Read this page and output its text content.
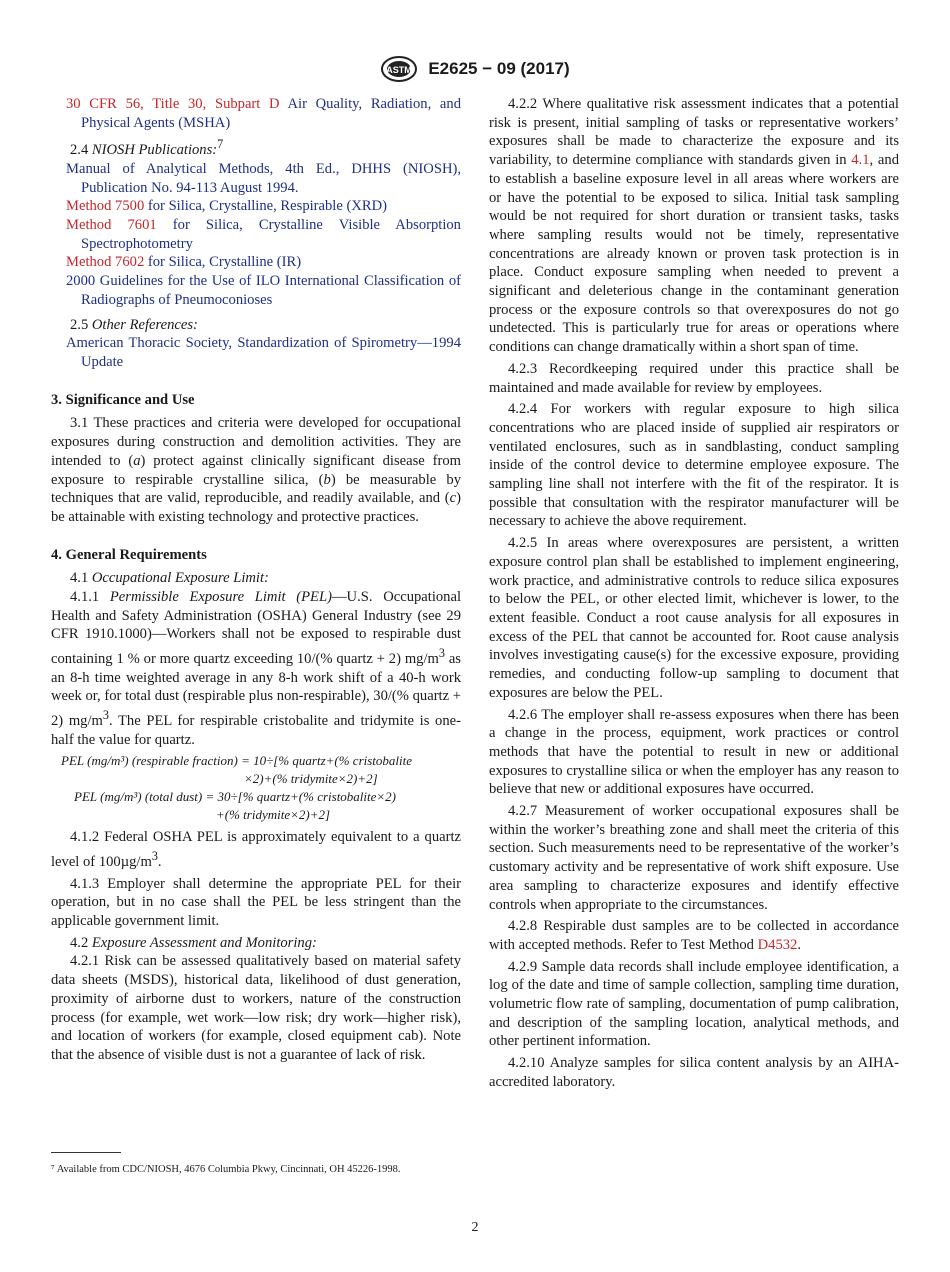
ASTM E2625 − 09 (2017)

30 CFR 56, Title 30, Subpart D Air Quality, Radiation, and Physical Agents (MSHA)

2.4 NIOSH Publications:$^7$

Manual of Analytical Methods, 4th Ed., DHHS (NIOSH), Publication No. 94-113 August 1994.

Method 7500 for Silica, Crystalline, Respirable (XRD)

Method 7601 for Silica, Crystalline Visible Absorption Spectrophotometry

Method 7602 for Silica, Crystalline (IR)

2000 Guidelines for the Use of ILO International Classification of Radiographs of Pneumoconioses

2.5 Other References:

American Thoracic Society, Standardization of Spirometry—1994 Update

3. Significance and Use

3.1 These practices and criteria were developed for occupational exposures during construction and demolition activities. They are intended to (a) protect against clinically significant disease from exposure to respirable crystalline silica, (b) be measurable by techniques that are valid, reproducible, and readily available, and (c) be attainable with existing technology and protective practices.

4. General Requirements

4.1 Occupational Exposure Limit:

4.1.1 Permissible Exposure Limit (PEL)—U.S. Occupational Health and Safety Administration (OSHA) General Industry (see 29 CFR 1910.1000)—Workers shall not be exposed to respirable dust containing 1 % or more quartz exceeding 10/(% quartz + 2) $mg/m^3$ as an 8-h time weighted average in any 8-h work shift of a 40-h work week or, for total dust (respirable plus non-respirable), 30/(% quartz + 2) $mg/m^3$. The PEL for respirable cristobalite and tridymite is one-half the value for quartz.

PEL (mg/m³) (respirable fraction) = 10÷[% quartz+(% cristobalite
×2)+(% tridymite×2)+2]
PEL (mg/m³) (total dust) = 30÷[% quartz+(% cristobalite×2)
+(% tridymite×2)+2]

4.1.2 Federal OSHA PEL is approximately equivalent to a quartz level of $100\mu g/m^3$.

4.1.3 Employer shall determine the appropriate PEL for their operation, but in no case shall the PEL be less stringent than the applicable government limit.

4.2 Exposure Assessment and Monitoring:

4.2.1 Risk can be assessed qualitatively based on material safety data sheets (MSDS), historical data, likelihood of dust generation, proximity of airborne dust to workers, nature of the construction process (for example, wet work—low risk; dry work—higher risk), and location of workers (for example, closed equipment cab). Note that the absence of visible dust is not a guarantee of lack of risk.

4.2.2 Where qualitative risk assessment indicates that a potential risk is present, initial sampling of tasks or representative workers’ exposures shall be made to characterize the exposure and its variability, to determine compliance with standards given in 4.1, and to establish a baseline exposure level in all areas where workers are or have the potential to be exposed to silica. Initial task sampling would be not required for short duration or transient tasks, tasks where sampling results would not be timely, representative concentrations are already known or proven task protection is in place. Conduct exposure sampling when needed to prevent a significant and deleterious change in the contaminant generation process or the exposure controls so that overexposures do not go undetected. This is particularly true for areas or operations where conditions can change dramatically within a short span of time.

4.2.3 Recordkeeping required under this practice shall be maintained and made available for review by employees.

4.2.4 For workers with regular exposure to high silica concentrations who are placed inside of supplied air respirators or ventilated enclosures, such as in sandblasting, conduct sampling inside of the control device to determine employee exposure. The sampling line shall not interfere with the fit of the respirator. It is possible that consultation with the respirator manufacturer will be necessary to achieve the above requirement.

4.2.5 In areas where overexposures are persistent, a written exposure control plan shall be established to implement engineering, work practice, and administrative controls to reduce silica exposures to below the PEL, or other elected limit, whichever is lower, to the extent feasible. Conduct a root cause analysis for all exposures in excess of the PEL that cannot be accounted for. Root cause analysis involves investigating cause(s) for the excessive exposure, providing remedies, and conducting follow-up sampling to document that exposures are below the PEL.

4.2.6 The employer shall re-assess exposures when there has been a change in the process, equipment, work practices or control methods that have the potential to result in new or additional exposures to crystalline silica or when the employer has any reason to believe that new or additional exposures have occurred.

4.2.7 Measurement of worker occupational exposures shall be within the worker’s breathing zone and shall meet the criteria of this section. Such measurements need to be representative of the worker’s customary activity and be representative of work shift exposure. Use area sampling to characterize exposures and identify effective controls when appropriate to the circumstances.

4.2.8 Respirable dust samples are to be collected in accordance with accepted methods. Refer to Test Method D4532.

4.2.9 Sample data records shall include employee identification, a log of the date and time of sample collection, sampling time duration, volumetric flow rate of sampling, documentation of pump calibration, and description of the sampling location, analytical methods, and other pertinent information.

4.2.10 Analyze samples for silica content analysis by an AIHA-accredited laboratory.

⁷ Available from CDC/NIOSH, 4676 Columbia Pkwy, Cincinnati, OH 45226-1998.

2
